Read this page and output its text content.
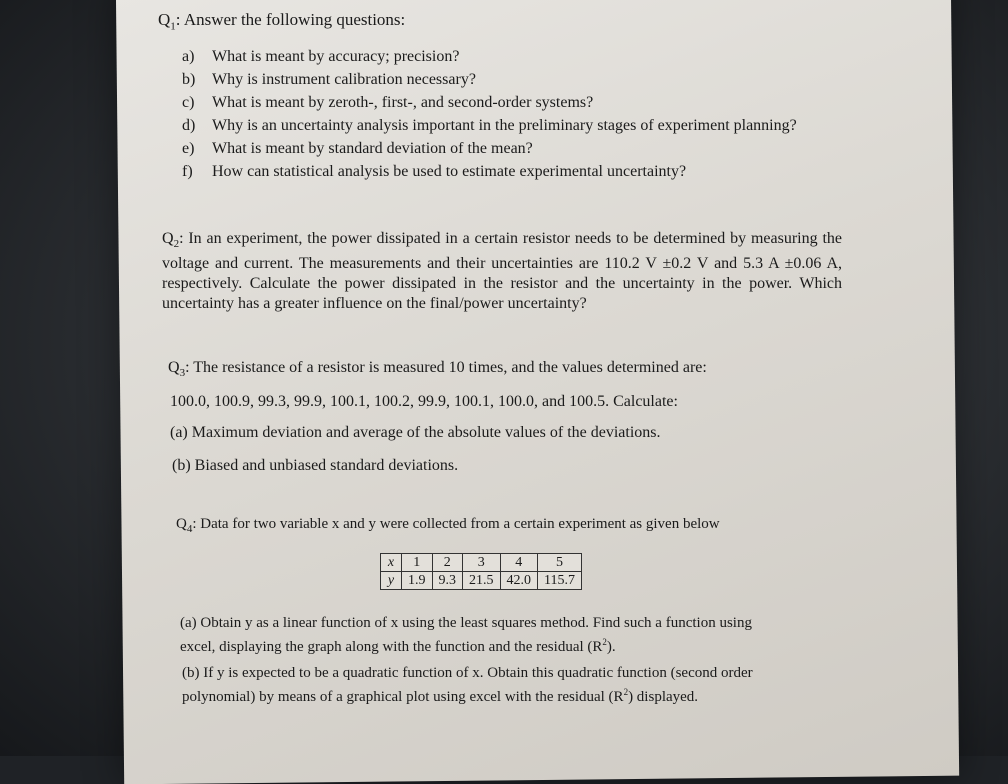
$Q_1$: Answer the following questions:
a) What is meant by accuracy; precision?
b) Why is instrument calibration necessary?
c) What is meant by zeroth-, first-, and second-order systems?
d) Why is an uncertainty analysis important in the preliminary stages of experiment planning?
e) What is meant by standard deviation of the mean?
f) How can statistical analysis be used to estimate experimental uncertainty?
$Q_2$: In an experiment, the power dissipated in a certain resistor needs to be determined by measuring the voltage and current. The measurements and their uncertainties are 110.2 V ±0.2 V and 5.3 A ±0.06 A, respectively. Calculate the power dissipated in the resistor and the uncertainty in the power. Which uncertainty has a greater influence on the final/power uncertainty?
$Q_3$: The resistance of a resistor is measured 10 times, and the values determined are:
100.0, 100.9, 99.3, 99.9, 100.1, 100.2, 99.9, 100.1, 100.0, and 100.5. Calculate:
(a) Maximum deviation and average of the absolute values of the deviations.
(b) Biased and unbiased standard deviations.
$Q_4$: Data for two variable x and y were collected from a certain experiment as given below
x	1	2	3	4	5
y	1.9	9.3	21.5	42.0	115.7
(a) Obtain y as a linear function of x using the least squares method. Find such a function using
excel, displaying the graph along with the function and the residual $(R^2)$.
(b) If y is expected to be a quadratic function of x. Obtain this quadratic function (second order
polynomial) by means of a graphical plot using excel with the residual $(R^2)$ displayed.
